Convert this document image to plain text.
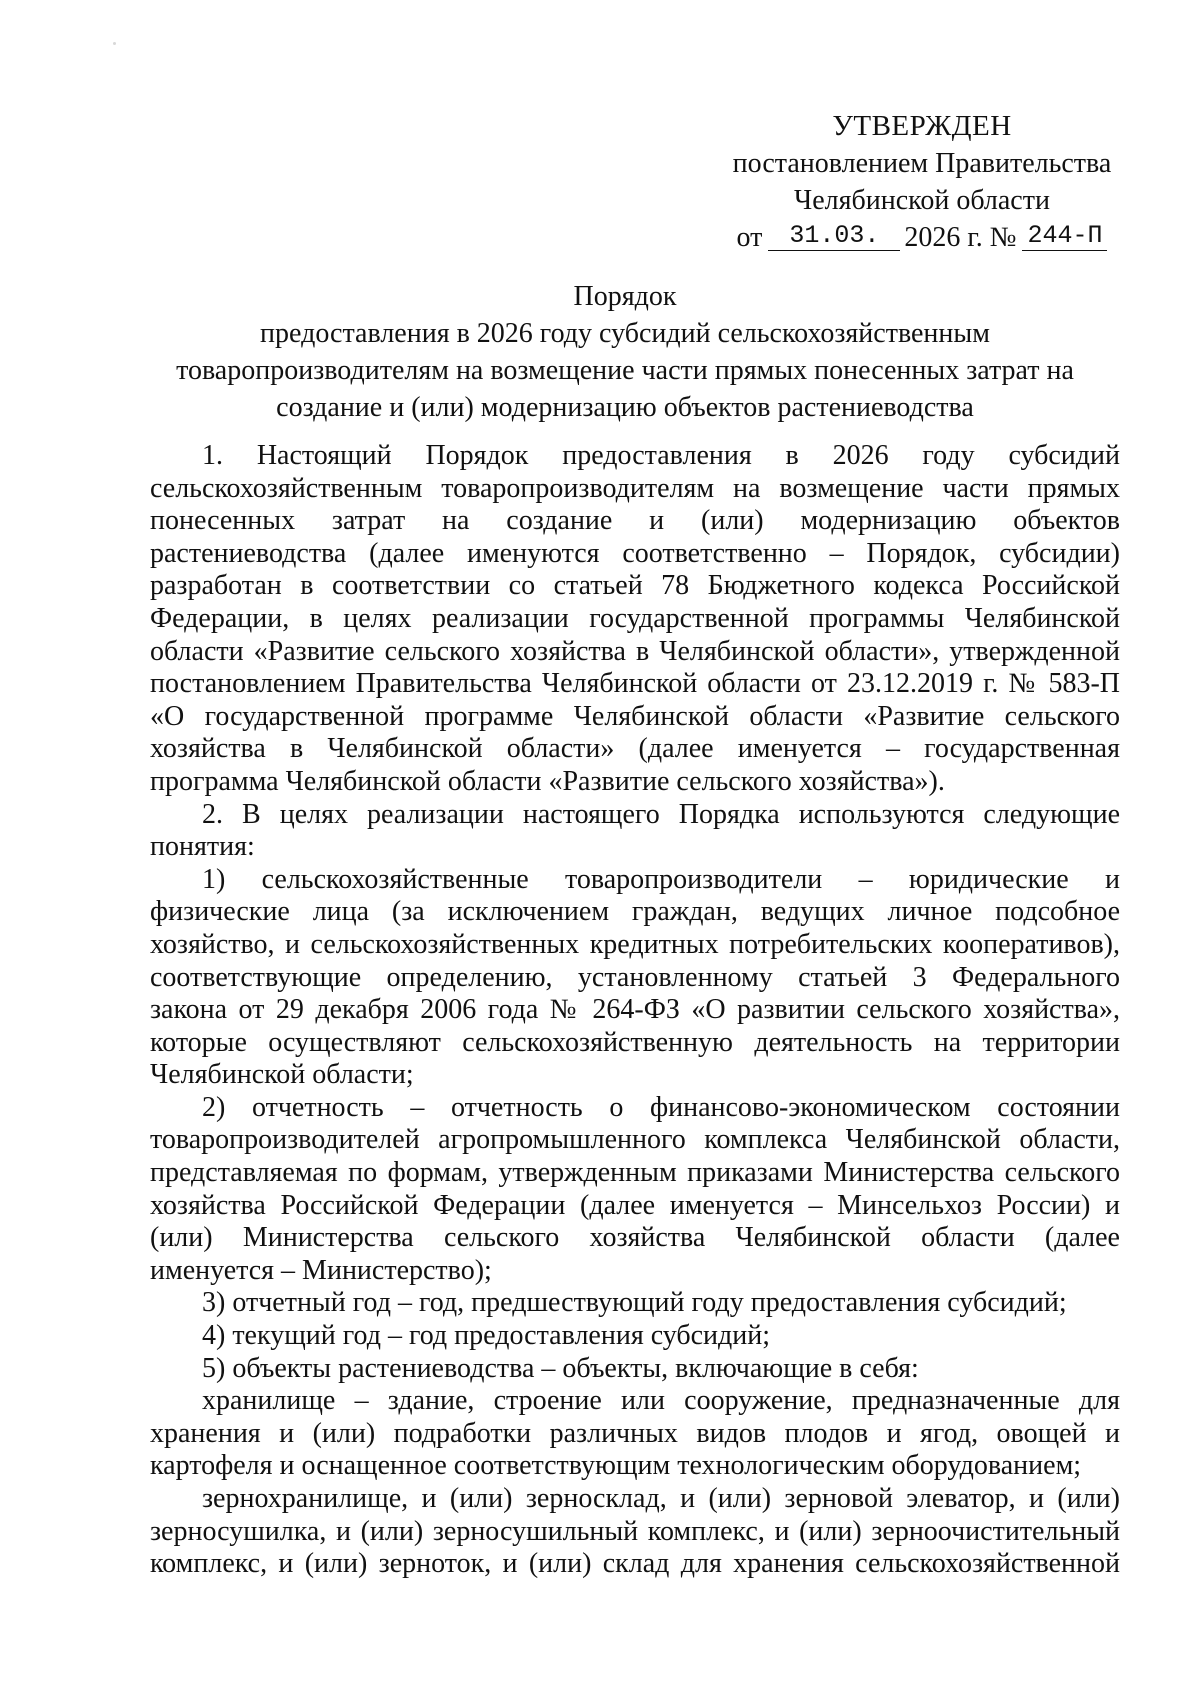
УТВЕРЖДЕН
постановлением Правительства
Челябинской области
от	31.03. 2026 г. № 244-П
Порядок
предоставления в 2026 году субсидий сельскохозяйственным
товаропроизводителям на возмещение части прямых понесенных затрат на
создание и (или) модернизацию объектов растениеводства

1. Настоящий Порядок предоставления в 2026 году субсидий
сельскохозяйственным товаропроизводителям на возмещение части прямых
понесенных затрат на создание и (или) модернизацию объектов
растениеводства (далее именуются соответственно – Порядок, субсидии)
разработан в соответствии со статьей 78 Бюджетного кодекса Российской
Федерации, в целях реализации государственной программы Челябинской
области «Развитие сельского хозяйства в Челябинской области», утвержденной
постановлением Правительства Челябинской области от 23.12.2019 г. № 583-П
«О государственной программе Челябинской области «Развитие сельского
хозяйства в Челябинской области» (далее именуется – государственная
программа Челябинской области «Развитие сельского хозяйства»).

2. В целях реализации настоящего Порядка используются следующие
понятия:

1) сельскохозяйственные товаропроизводители – юридические и
физические лица (за исключением граждан, ведущих личное подсобное
хозяйство, и сельскохозяйственных кредитных потребительских кооперативов),
соответствующие определению, установленному статьей 3 Федерального
закона от 29 декабря 2006 года № 264-ФЗ «О развитии сельского хозяйства»,
которые осуществляют сельскохозяйственную деятельность на территории
Челябинской области;

2) отчетность – отчетность о финансово-экономическом состоянии
товаропроизводителей агропромышленного комплекса Челябинской области,
представляемая по формам, утвержденным приказами Министерства сельского
хозяйства Российской Федерации (далее именуется – Минсельхоз России) и
(или) Министерства сельского хозяйства Челябинской области (далее
именуется – Министерство);

3) отчетный год – год, предшествующий году предоставления субсидий;

4) текущий год – год предоставления субсидий;

5) объекты растениеводства – объекты, включающие в себя:

хранилище – здание, строение или сооружение, предназначенные для
хранения и (или) подработки различных видов плодов и ягод, овощей и
картофеля и оснащенное соответствующим технологическим оборудованием;

зернохранилище, и (или) зерносклад, и (или) зерновой элеватор, и (или)
зерносушилка, и (или) зерносушильный комплекс, и (или) зерноочистительный
комплекс, и (или) зерноток, и (или) склад для хранения сельскохозяйственной
